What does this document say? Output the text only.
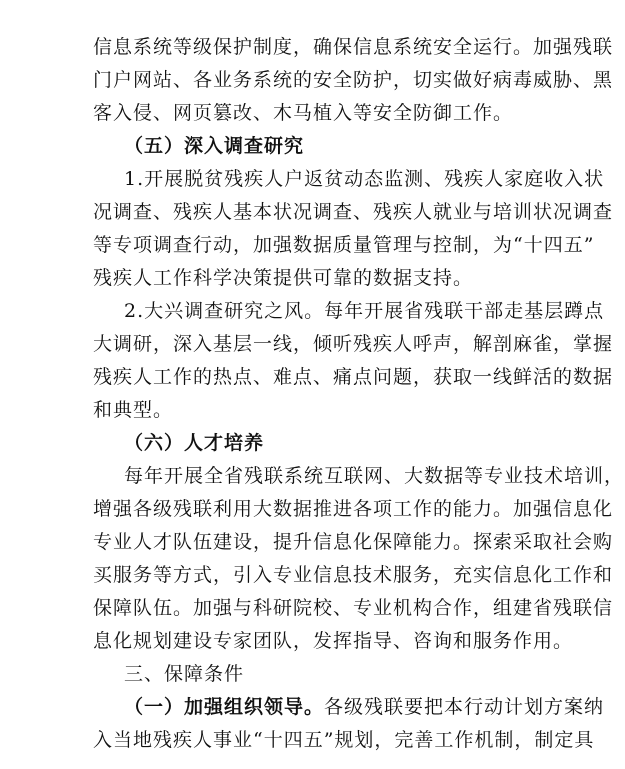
信息系统等级保护制度，确保信息系统安全运行。加强残联
门户网站、各业务系统的安全防护，切实做好病毒威胁、黑
客入侵、网页篡改、木马植入等安全防御工作。
（五）深入调查研究
1.开展脱贫残疾人户返贫动态监测、残疾人家庭收入状
况调查、残疾人基本状况调查、残疾人就业与培训状况调查
等专项调查行动，加强数据质量管理与控制，为“十四五”
残疾人工作科学决策提供可靠的数据支持。
2.大兴调查研究之风。每年开展省残联干部走基层蹲点
大调研，深入基层一线，倾听残疾人呼声，解剖麻雀，掌握
残疾人工作的热点、难点、痛点问题，获取一线鲜活的数据
和典型。
（六）人才培养
每年开展全省残联系统互联网、大数据等专业技术培训，
增强各级残联利用大数据推进各项工作的能力。加强信息化
专业人才队伍建设，提升信息化保障能力。探索采取社会购
买服务等方式，引入专业信息技术服务，充实信息化工作和
保障队伍。加强与科研院校、专业机构合作，组建省残联信
息化规划建设专家团队，发挥指导、咨询和服务作用。
三、保障条件
（一）加强组织领导。各级残联要把本行动计划方案纳
入当地残疾人事业“十四五”规划，完善工作机制，制定具
